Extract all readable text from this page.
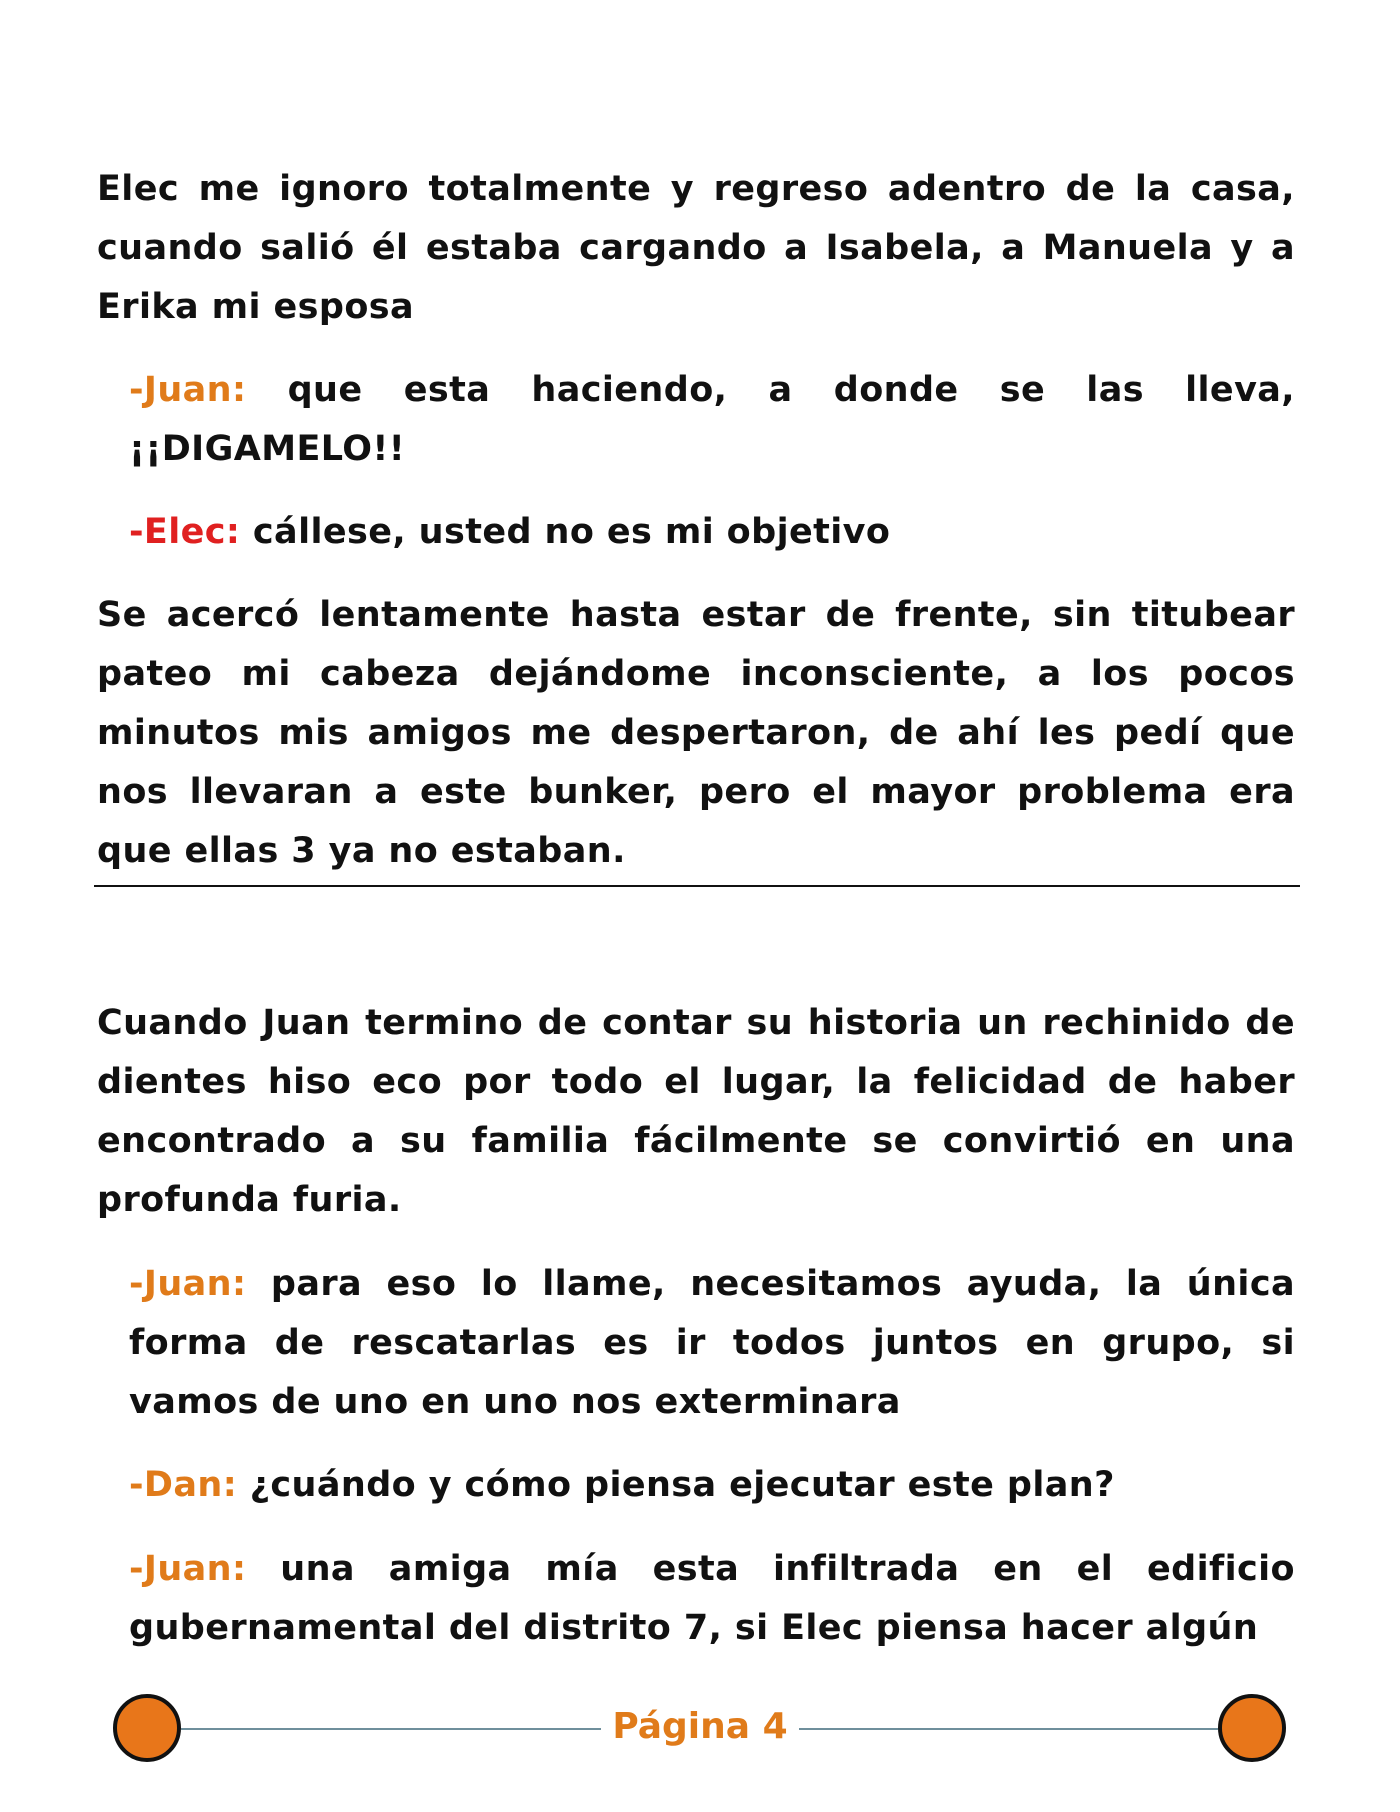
Elec me ignoro totalmente y regreso adentro de la casa, cuando salió él estaba cargando a Isabela, a Manuela y a Erika mi esposa

-Juan: que esta haciendo, a donde se las lleva, ¡¡DIGAMELO!!

-Elec: cállese, usted no es mi objetivo

Se acercó lentamente hasta estar de frente, sin titubear pateo mi cabeza dejándome inconsciente, a los pocos minutos mis amigos me despertaron, de ahí les pedí que nos llevaran a este bunker, pero el mayor problema era que ellas 3 ya no estaban.

Cuando Juan termino de contar su historia un rechinido de dientes hiso eco por todo el lugar, la felicidad de haber encontrado a su familia fácilmente se convirtió en una profunda furia.

-Juan: para eso lo llame, necesitamos ayuda, la única forma de rescatarlas es ir todos juntos en grupo, si vamos de uno en uno nos exterminara

-Dan: ¿cuándo y cómo piensa ejecutar este plan?

-Juan: una amiga mía esta infiltrada en el edificio gubernamental del distrito 7, si Elec piensa hacer algún

Página 4
